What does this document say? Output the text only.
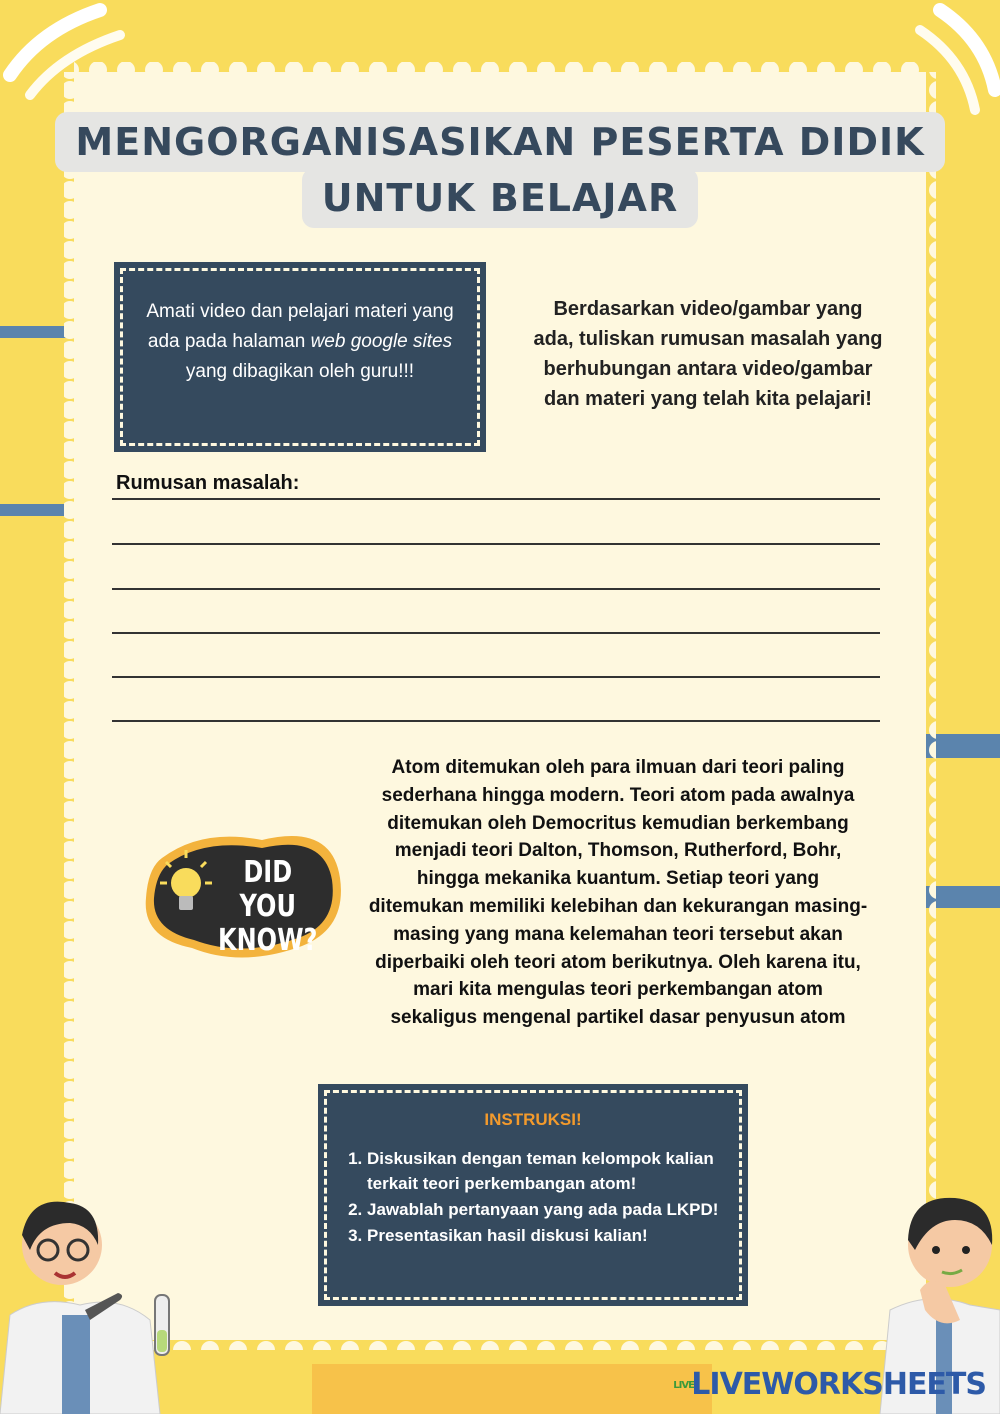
MENGORGANISASIKAN PESERTA DIDIK
UNTUK BELAJAR
Amati video dan pelajari materi yang ada pada halaman web google sites yang dibagikan oleh guru!!!
Berdasarkan video/gambar yang ada, tuliskan rumusan masalah yang berhubungan antara video/gambar dan materi yang telah kita pelajari!
Rumusan masalah:
DID YOU
KNOW?
Atom ditemukan oleh para ilmuan dari teori paling sederhana hingga modern. Teori atom pada awalnya ditemukan oleh Democritus kemudian berkembang menjadi teori Dalton, Thomson, Rutherford, Bohr, hingga mekanika kuantum. Setiap teori yang ditemukan memiliki kelebihan dan kekurangan masing-masing yang mana kelemahan teori tersebut akan diperbaiki oleh teori atom berikutnya. Oleh karena itu, mari kita mengulas teori perkembangan atom sekaligus mengenal partikel dasar penyusun atom
INSTRUKSI!
1. Diskusikan dengan teman kelompok kalian terkait teori perkembangan atom!
2. Jawablah pertanyaan yang ada pada LKPD!
3. Presentasikan hasil diskusi kalian!
LIVELIVEWORKSHEETS
